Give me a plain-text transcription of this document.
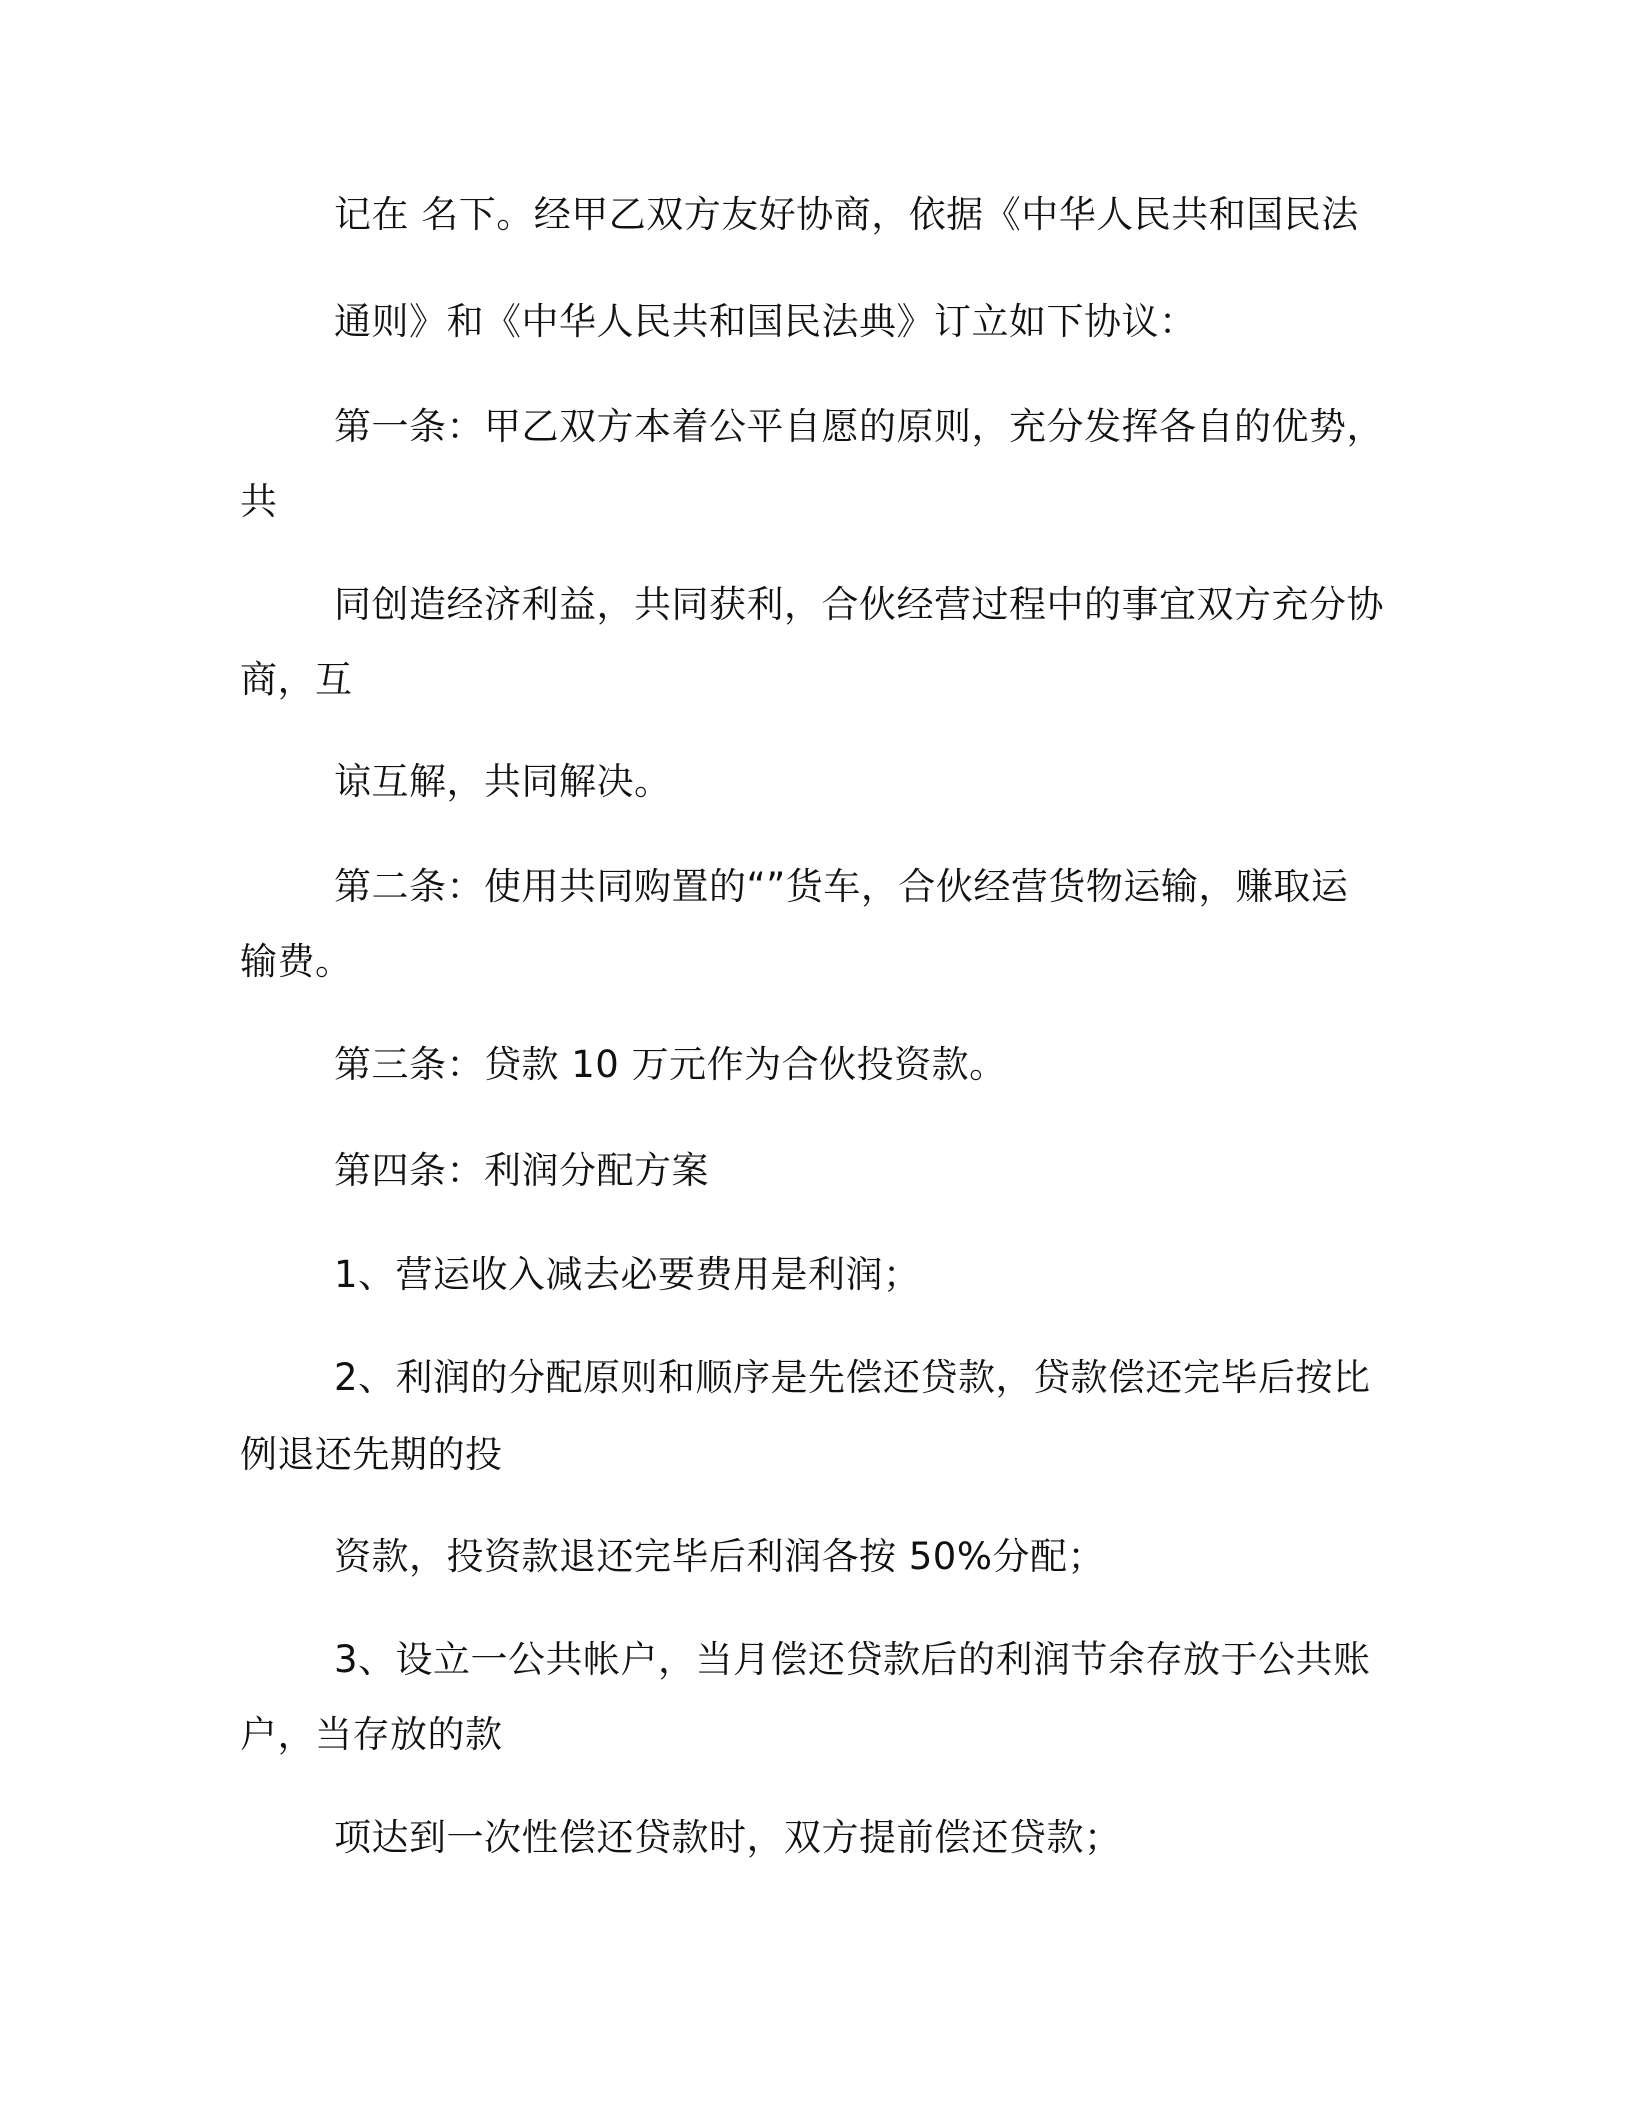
记在 名下。经甲乙双方友好协商，依据《中华人民共和国民法
通则》和《中华人民共和国民法典》订立如下协议：
第一条：甲乙双方本着公平自愿的原则，充分发挥各自的优势，
共
同创造经济利益，共同获利，合伙经营过程中的事宜双方充分协
商，互
谅互解，共同解决。
第二条：使用共同购置的“”货车，合伙经营货物运输，赚取运
输费。
第三条：贷款 10 万元作为合伙投资款。
第四条：利润分配方案
1、营运收入减去必要费用是利润；
2、利润的分配原则和顺序是先偿还贷款，贷款偿还完毕后按比
例退还先期的投
资款，投资款退还完毕后利润各按 50%分配；
3、设立一公共帐户，当月偿还贷款后的利润节余存放于公共账
户，当存放的款
项达到一次性偿还贷款时，双方提前偿还贷款；
